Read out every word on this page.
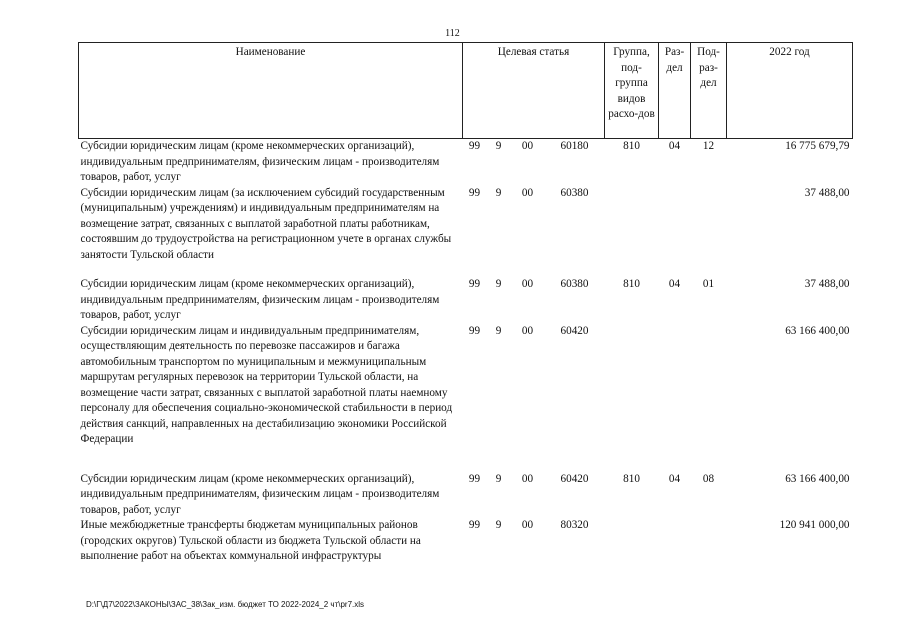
112
Наименование	Целевая статья				Группа, под-группа видов расхо-дов	Раз-дел	Под-раз-дел	2022 год
Субсидии юридическим лицам (кроме некоммерческих организаций), индивидуальным предпринимателям, физическим лицам - производителям товаров, работ, услуг	99	9	00	60180	810	04	12	16 775 679,79
Субсидии юридическим лицам (за исключением субсидий государственным (муниципальным) учреждениям) и индивидуальным предпринимателям на возмещение затрат, связанных с выплатой заработной платы работникам, состоявшим до трудоустройства на регистрационном учете в органах службы занятости Тульской области	99	9	00	60380				37 488,00

Субсидии юридическим лицам (кроме некоммерческих организаций), индивидуальным предпринимателям, физическим лицам - производителям товаров, работ, услуг	99	9	00	60380	810	04	01	37 488,00
Субсидии юридическим лицам и индивидуальным предпринимателям, осуществляющим деятельность по перевозке пассажиров и багажа автомобильным транспортом по муниципальным и межмуниципальным маршрутам регулярных перевозок на территории Тульской области, на возмещение части затрат, связанных с выплатой заработной платы наемному персоналу для обеспечения социально-экономической стабильности в период действия санкций, направленных на дестабилизацию экономики Российской Федерации	99	9	00	60420				63 166 400,00

Субсидии юридическим лицам (кроме некоммерческих организаций), индивидуальным предпринимателям, физическим лицам - производителям товаров, работ, услуг	99	9	00	60420	810	04	08	63 166 400,00
Иные межбюджетные трансферты бюджетам муниципальных районов (городских округов) Тульской области из бюджета Тульской области на выполнение работ на объектах коммунальной инфраструктуры	99	9	00	80320				120 941 000,00
D:\Г\Д7\2022\ЗАКОНЫ\ЗАС_38\Зак_изм. бюджет ТО 2022-2024_2 чт\pr7.xls
